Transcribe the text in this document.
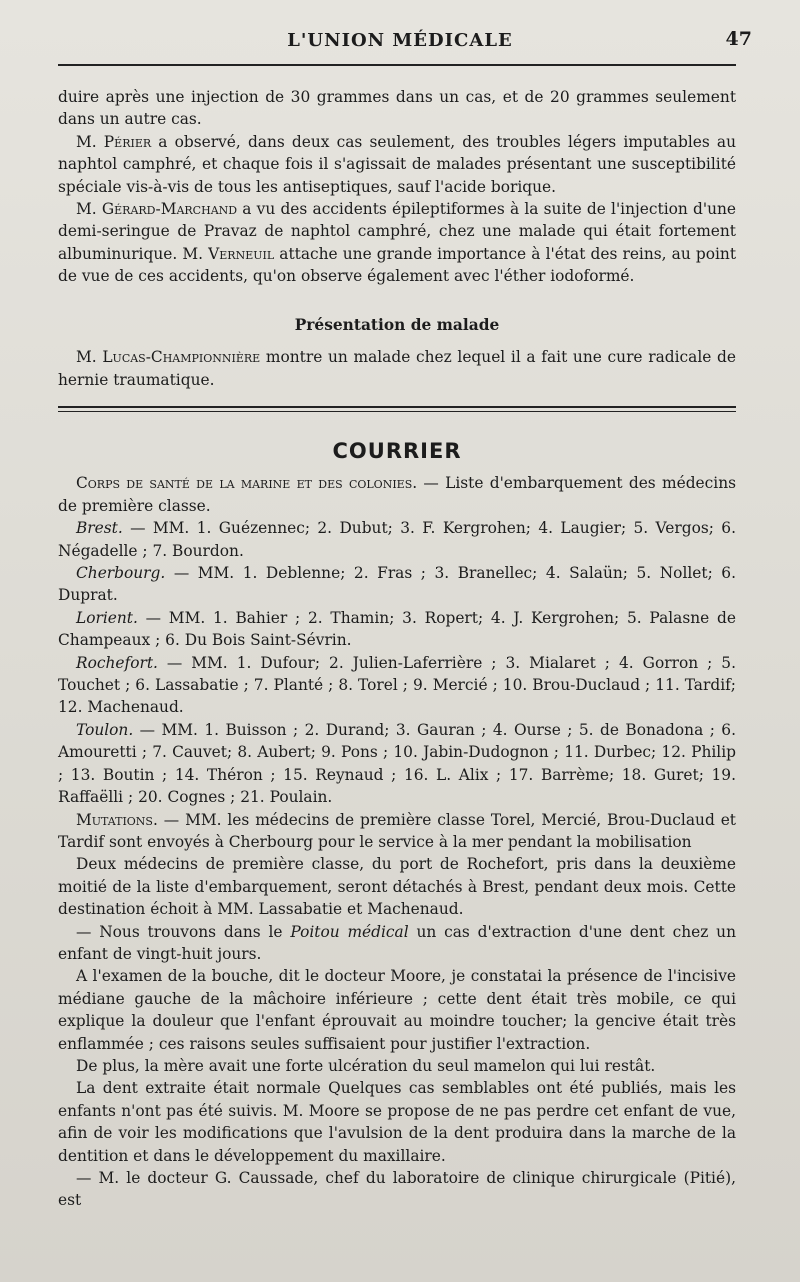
L'UNION MÉDICALE	47

duire après une injection de 30 grammes dans un cas, et de 20 grammes seulement dans un autre cas.

M. Périer a observé, dans deux cas seulement, des troubles légers imputables au naphtol camphré, et chaque fois il s'agissait de malades présentant une susceptibilité spéciale vis-à-vis de tous les antiseptiques, sauf l'acide borique.

M. Gérard-Marchand a vu des accidents épileptiformes à la suite de l'injection d'une demi-seringue de Pravaz de naphtol camphré, chez une malade qui était fortement albuminurique. M. Verneuil attache une grande importance à l'état des reins, au point de vue de ces accidents, qu'on observe également avec l'éther iodoformé.

Présentation de malade

M. Lucas-Championnière montre un malade chez lequel il a fait une cure radicale de hernie traumatique.

COURRIER

Corps de santé de la marine et des colonies. — Liste d'embarquement des médecins de première classe.

Brest. — MM. 1. Guézennec; 2. Dubut; 3. F. Kergrohen; 4. Laugier; 5. Vergos; 6. Négadelle ; 7. Bourdon.

Cherbourg. — MM. 1. Deblenne; 2. Fras ; 3. Branellec; 4. Salaün; 5. Nollet; 6. Duprat.

Lorient. — MM. 1. Bahier ; 2. Thamin; 3. Ropert; 4. J. Kergrohen; 5. Palasne de Champeaux ; 6. Du Bois Saint-Sévrin.

Rochefort. — MM. 1. Dufour; 2. Julien-Laferrière ; 3. Mialaret ; 4. Gorron ; 5. Touchet ; 6. Lassabatie ; 7. Planté ; 8. Torel ; 9. Mercié ; 10. Brou-Duclaud ; 11. Tardif; 12. Machenaud.

Toulon. — MM. 1. Buisson ; 2. Durand; 3. Gauran ; 4. Ourse ; 5. de Bonadona ; 6. Amouretti ; 7. Cauvet; 8. Aubert; 9. Pons ; 10. Jabin-Dudognon ; 11. Durbec; 12. Philip ; 13. Boutin ; 14. Théron ; 15. Reynaud ; 16. L. Alix ; 17. Barrème; 18. Guret; 19. Raffaëlli ; 20. Cognes ; 21. Poulain.

Mutations. — MM. les médecins de première classe Torel, Mercié, Brou-Duclaud et Tardif sont envoyés à Cherbourg pour le service à la mer pendant la mobilisation

Deux médecins de première classe, du port de Rochefort, pris dans la deuxième moitié de la liste d'embarquement, seront détachés à Brest, pendant deux mois. Cette destination échoit à MM. Lassabatie et Machenaud.

— Nous trouvons dans le Poitou médical un cas d'extraction d'une dent chez un enfant de vingt-huit jours.

A l'examen de la bouche, dit le docteur Moore, je constatai la présence de l'incisive médiane gauche de la mâchoire inférieure ; cette dent était très mobile, ce qui explique la douleur que l'enfant éprouvait au moindre toucher; la gencive était très enflammée ; ces raisons seules suffisaient pour justifier l'extraction.

De plus, la mère avait une forte ulcération du seul mamelon qui lui restât.

La dent extraite était normale Quelques cas semblables ont été publiés, mais les enfants n'ont pas été suivis. M. Moore se propose de ne pas perdre cet enfant de vue, afin de voir les modifications que l'avulsion de la dent produira dans la marche de la dentition et dans le développement du maxillaire.

— M. le docteur G. Caussade, chef du laboratoire de clinique chirurgicale (Pitié), est
